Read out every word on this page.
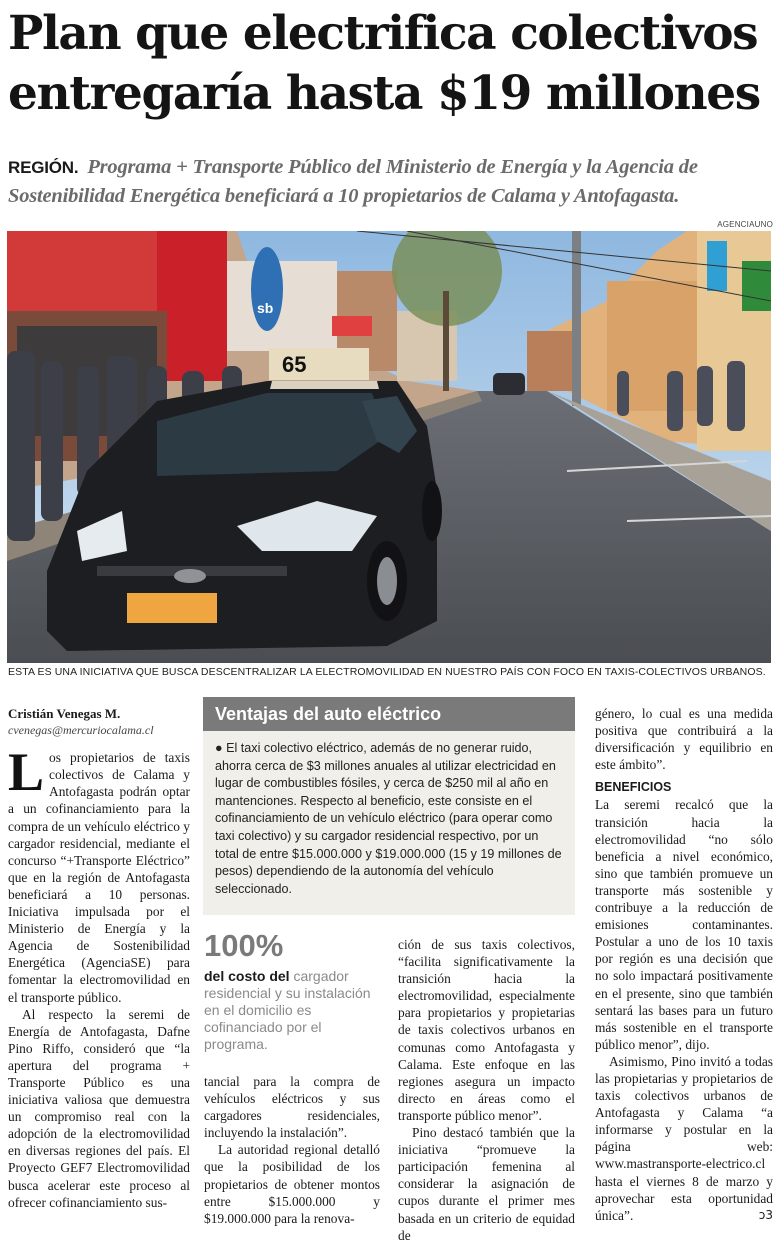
Plan que electrifica colectivos
entregaría hasta $19 millones
REGIÓN. Programa + Transporte Público del Ministerio de Energía y la Agencia de Sostenibilidad Energética beneficiará a 10 propietarios de Calama y Antofagasta.
AGENCIAUNO
sb
65
ESTA ES UNA INICIATIVA QUE BUSCA DESCENTRALIZAR LA ELECTROMOVILIDAD EN NUESTRO PAÍS CON FOCO EN TAXIS-COLECTIVOS URBANOS.

Cristián Venegas M.

cvenegas@mercuriocalama.cl

Los propietarios de taxis colectivos de Calama y Antofagasta podrán optar a un cofinanciamiento para la compra de un vehículo eléctrico y cargador residencial, mediante el concurso “+Transporte Eléctrico” que en la región de Antofagasta beneficiará a 10 personas. Iniciativa impulsada por el Ministerio de Energía y la Agencia de Sostenibilidad Energética (AgenciaSE) para fomentar la electromovilidad en el transporte público.

Al respecto la seremi de Energía de Antofagasta, Dafne Pino Riffo, consideró que “la apertura del programa + Transporte Público es una iniciativa valiosa que demuestra un compromiso real con la adopción de la electromovilidad en diversas regiones del país. El Proyecto GEF7 Electromovilidad busca acelerar este proceso al ofrecer cofinanciamiento sus-

Ventajas del auto eléctrico
● El taxi colectivo eléctrico, además de no generar ruido, ahorra cerca de $3 millones anuales al utilizar electricidad en lugar de combustibles fósiles, y cerca de $250 mil al año en mantenciones. Respecto al beneficio, este consiste en el cofinanciamiento de un vehículo eléctrico (para operar como taxi colectivo) y su cargador residencial respectivo, por un total de entre $15.000.000 y $19.000.000 (15 y 19 millones de pesos) dependiendo de la autonomía del vehículo seleccionado.
100%
del costo del cargador residencial y su instalación en el domicilio es cofinanciado por el programa.

tancial para la compra de vehículos eléctricos y sus cargadores residenciales, incluyendo la instalación”.

La autoridad regional detalló que la posibilidad de los propietarios de obtener montos entre $15.000.000 y $19.000.000 para la renova-

ción de sus taxis colectivos, “facilita significativamente la transición hacia la electromovilidad, especialmente para propietarios y propietarias de taxis colectivos urbanos en comunas como Antofagasta y Calama. Este enfoque en las regiones asegura un impacto directo en áreas como el transporte público menor”.

Pino destacó también que la iniciativa “promueve la participación femenina al considerar la asignación de cupos durante el primer mes basada en un criterio de equidad de

género, lo cual es una medida positiva que contribuirá a la diversificación y equilibrio en este ámbito”.

BENEFICIOS

La seremi recalcó que la transición hacia la electromovilidad “no sólo beneficia a nivel económico, sino que también promueve un transporte más sostenible y contribuye a la reducción de emisiones contaminantes. Postular a uno de los 10 taxis por región es una decisión que no solo impactará positivamente en el presente, sino que también sentará las bases para un futuro más sostenible en el transporte público menor”, dijo.

Asimismo, Pino invitó a todas las propietarias y propietarios de taxis colectivos urbanos de Antofagasta y Calama “a informarse y postular en la página web: www.mastransporte-electrico.cl hasta el viernes 8 de marzo y aprovechar esta oportunidad única”.	ↄ3
